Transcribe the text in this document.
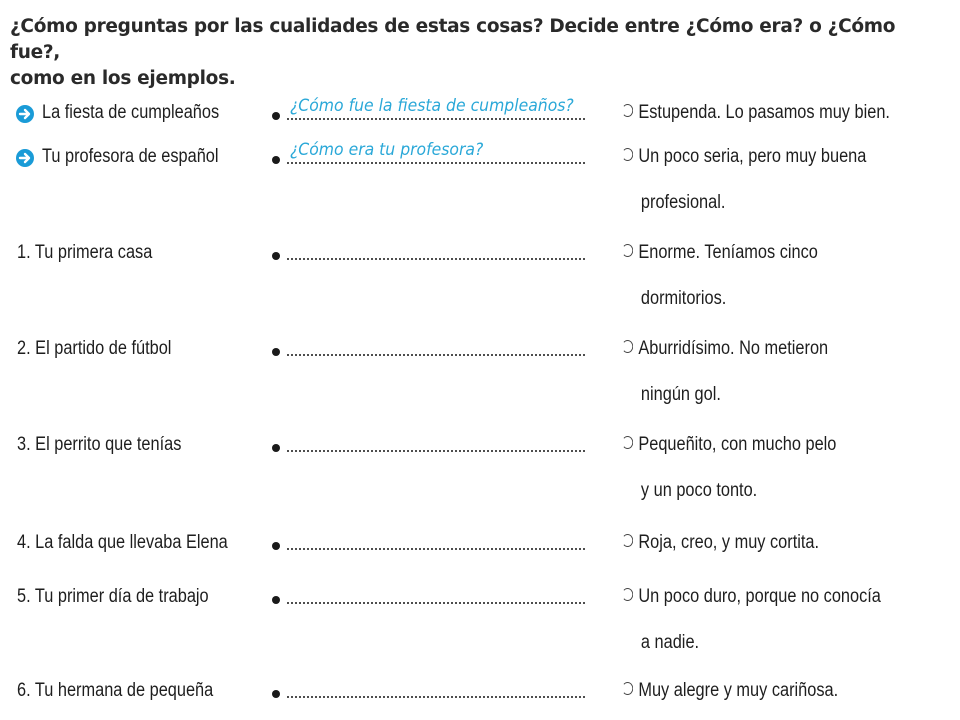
¿Cómo preguntas por las cualidades de estas cosas? Decide entre ¿Cómo era? o ¿Cómo fue?,
como en los ejemplos.
La fiesta de cumpleaños	¿Cómo fue la fiesta de cumpleaños?	Estupenda. Lo pasamos muy bien.
Tu profesora de español	¿Cómo era tu profesora?	Un poco seria, pero muy buena
profesional.
1. Tu primera casa	Enorme. Teníamos cinco
dormitorios.
2. El partido de fútbol	Aburridísimo. No metieron
ningún gol.
3. El perrito que tenías	Pequeñito, con mucho pelo
y un poco tonto.
4. La falda que llevaba Elena	Roja, creo, y muy cortita.
5. Tu primer día de trabajo	Un poco duro, porque no conocía
a nadie.
6. Tu hermana de pequeña	Muy alegre y muy cariñosa.
